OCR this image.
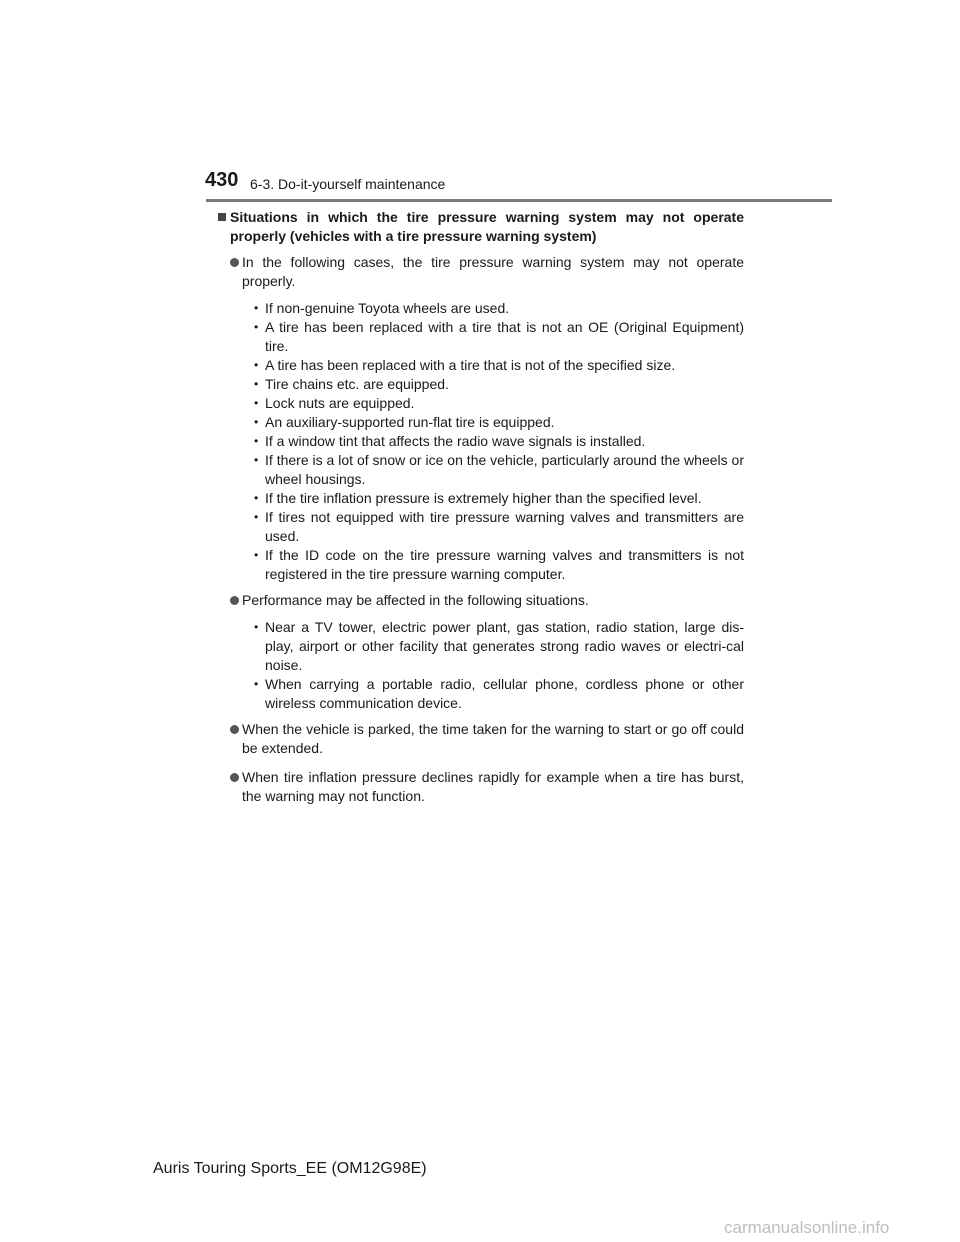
430 6-3. Do-it-yourself maintenance
Situations in which the tire pressure warning system may not operate properly (vehicles with a tire pressure warning system)
In the following cases, the tire pressure warning system may not operate properly.
• If non-genuine Toyota wheels are used.
• A tire has been replaced with a tire that is not an OE (Original Equipment) tire.
• A tire has been replaced with a tire that is not of the specified size.
• Tire chains etc. are equipped.
• Lock nuts are equipped.
• An auxiliary-supported run-flat tire is equipped.
• If a window tint that affects the radio wave signals is installed.
• If there is a lot of snow or ice on the vehicle, particularly around the wheels or wheel housings.
• If the tire inflation pressure is extremely higher than the specified level.
• If tires not equipped with tire pressure warning valves and transmitters are used.
• If the ID code on the tire pressure warning valves and transmitters is not registered in the tire pressure warning computer.
Performance may be affected in the following situations.
• Near a TV tower, electric power plant, gas station, radio station, large dis-play, airport or other facility that generates strong radio waves or electri-cal noise.
• When carrying a portable radio, cellular phone, cordless phone or other wireless communication device.
When the vehicle is parked, the time taken for the warning to start or go off could be extended.
When tire inflation pressure declines rapidly for example when a tire has burst, the warning may not function.
Auris Touring Sports_EE (OM12G98E)
carmanualsonline.info
